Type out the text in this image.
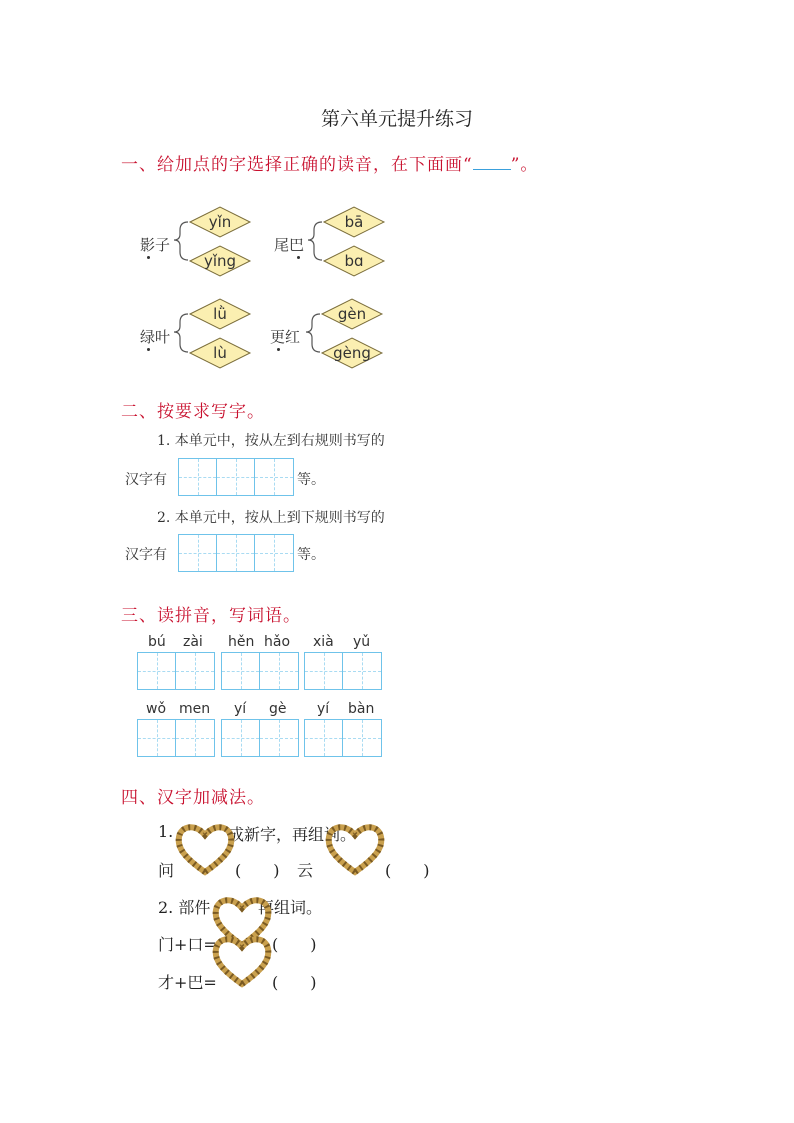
第六单元提升练习
一、给加点的字选择正确的读音，在下面画“ ”。
影子
yǐn
yǐng
尾巴
bā
bɑ
绿叶
lǜ
lù
更红
gèn
gèng
二、按要求写字。
1. 本单元中，按从左到右规则书写的
汉字有	等。
2. 本单元中，按从上到下规则书写的
汉字有	等。
三、读拼音，写词语。
bú zài hěn hǎo xià yǔ
wǒ men yí gè yí bàn
四、汉字加减法。
1.	成新字，再组词。
问	(　　) 云	(　　)
2. 部件	再组词。
门+口=	(　　)
才+巴=	(　　)
